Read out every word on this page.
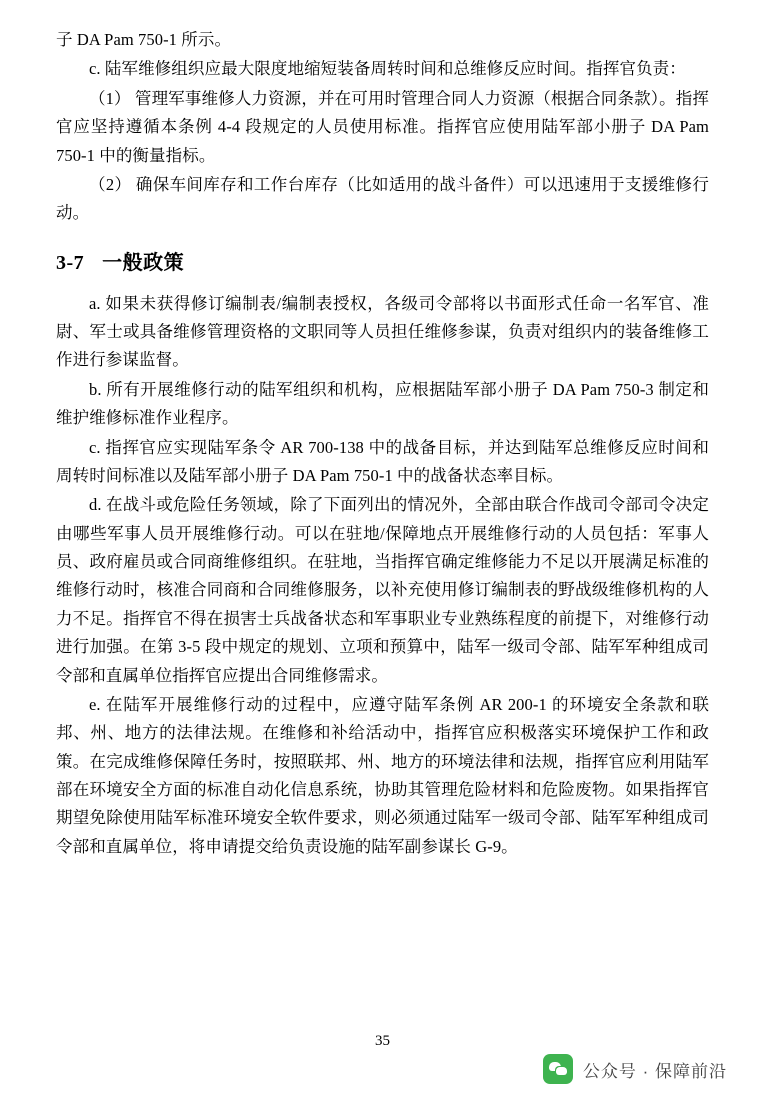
子 DA Pam 750-1 所示。

c. 陆军维修组织应最大限度地缩短装备周转时间和总维修反应时间。指挥官负责：

（1） 管理军事维修人力资源，并在可用时管理合同人力资源（根据合同条款）。指挥官应坚持遵循本条例 4-4 段规定的人员使用标准。指挥官应使用陆军部小册子 DA Pam 750-1 中的衡量指标。

（2） 确保车间库存和工作台库存（比如适用的战斗备件）可以迅速用于支援维修行动。

3-7 一般政策

a. 如果未获得修订编制表/编制表授权，各级司令部将以书面形式任命一名军官、准尉、军士或具备维修管理资格的文职同等人员担任维修参谋，负责对组织内的装备维修工作进行参谋监督。

b. 所有开展维修行动的陆军组织和机构，应根据陆军部小册子 DA Pam 750-3 制定和维护维修标准作业程序。

c. 指挥官应实现陆军条令 AR 700-138 中的战备目标，并达到陆军总维修反应时间和周转时间标准以及陆军部小册子 DA Pam 750-1 中的战备状态率目标。

d. 在战斗或危险任务领域，除了下面列出的情况外，全部由联合作战司令部司令决定由哪些军事人员开展维修行动。可以在驻地/保障地点开展维修行动的人员包括：军事人员、政府雇员或合同商维修组织。在驻地，当指挥官确定维修能力不足以开展满足标准的维修行动时，核准合同商和合同维修服务，以补充使用修订编制表的野战级维修机构的人力不足。指挥官不得在损害士兵战备状态和军事职业专业熟练程度的前提下，对维修行动进行加强。在第 3-5 段中规定的规划、立项和预算中，陆军一级司令部、陆军军种组成司令部和直属单位指挥官应提出合同维修需求。

e. 在陆军开展维修行动的过程中，应遵守陆军条例 AR 200-1 的环境安全条款和联邦、州、地方的法律法规。在维修和补给活动中，指挥官应积极落实环境保护工作和政策。在完成维修保障任务时，按照联邦、州、地方的环境法律和法规，指挥官应利用陆军部在环境安全方面的标准自动化信息系统，协助其管理危险材料和危险废物。如果指挥官期望免除使用陆军标准环境安全软件要求，则必须通过陆军一级司令部、陆军军种组成司令部和直属单位，将申请提交给负责设施的陆军副参谋长 G-9。

35
公众号 · 保障前沿
